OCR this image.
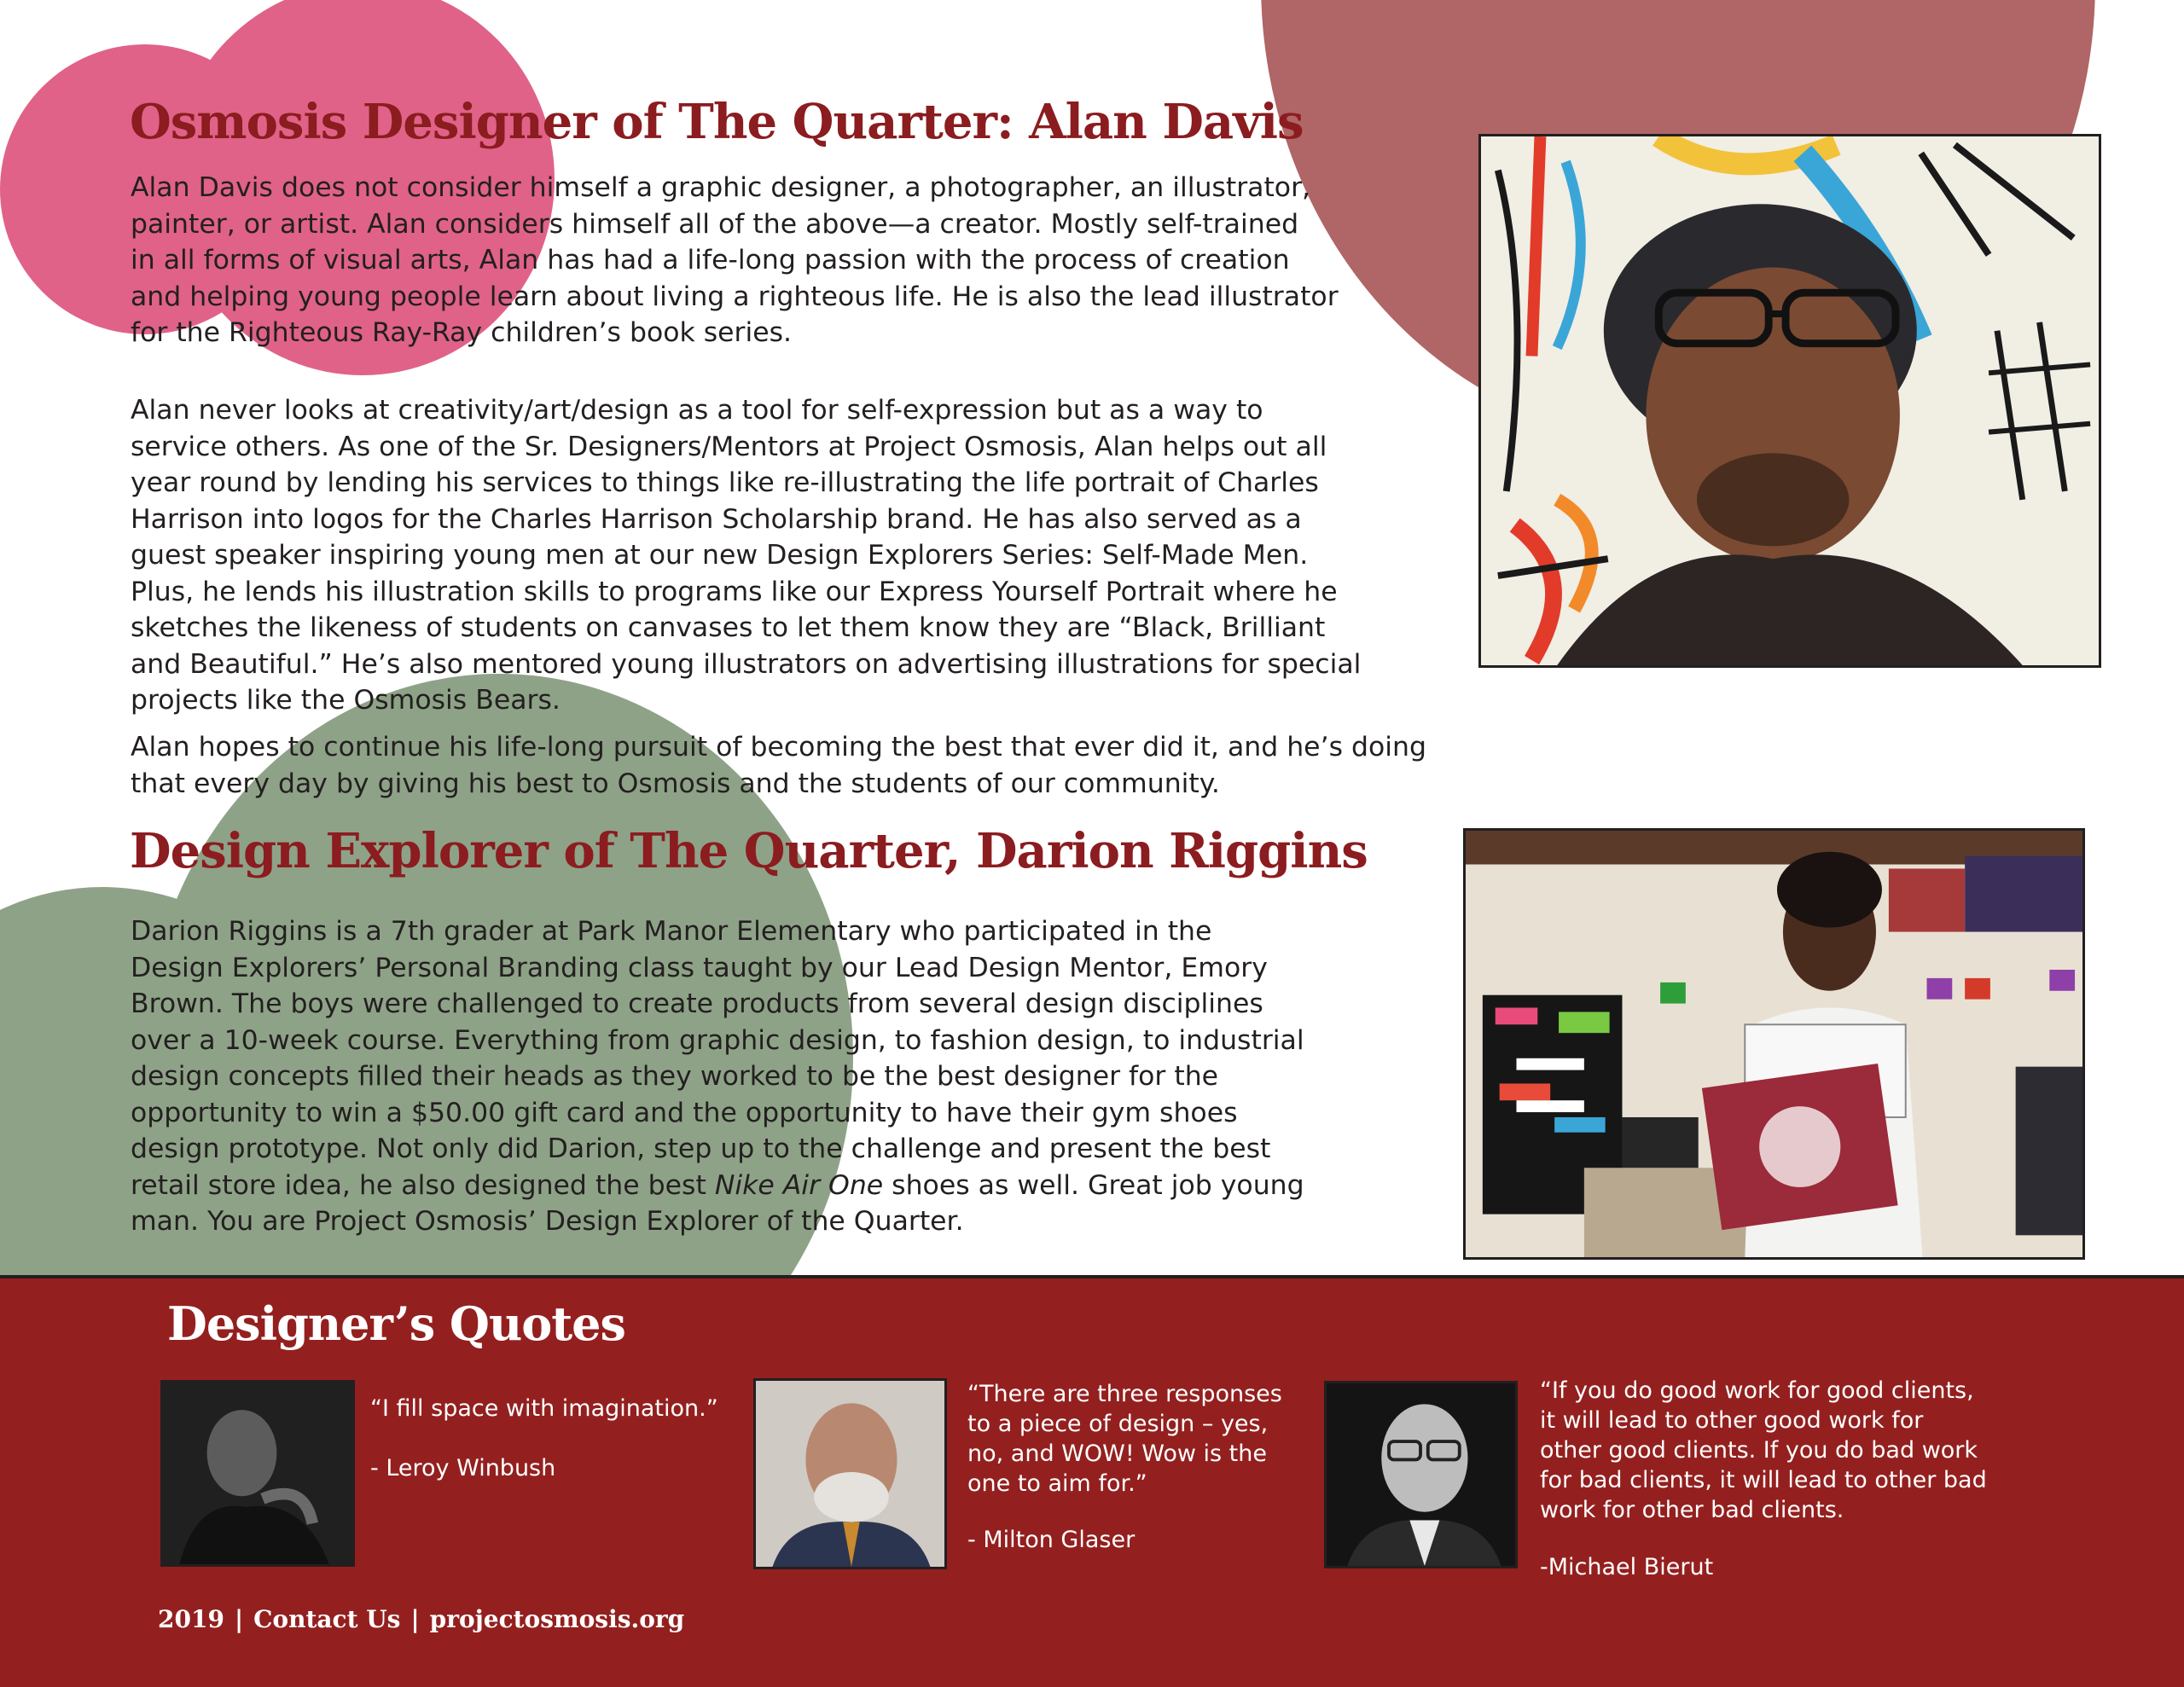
Osmosis Designer of The Quarter: Alan Davis

Alan Davis does not consider himself a graphic designer, a photographer, an illustrator,
painter, or artist. Alan considers himself all of the above—a creator. Mostly self-trained
in all forms of visual arts, Alan has had a life-long passion with the process of creation
and helping young people learn about living a righteous life. He is also the lead illustrator
for the Righteous Ray-Ray children’s book series.

Alan never looks at creativity/art/design as a tool for self-expression but as a way to
service others. As one of the Sr. Designers/Mentors at Project Osmosis, Alan helps out all
year round by lending his services to things like re-illustrating the life portrait of Charles
Harrison into logos for the Charles Harrison Scholarship brand. He has also served as a
guest speaker inspiring young men at our new Design Explorers Series: Self-Made Men.
Plus, he lends his illustration skills to programs like our Express Yourself Portrait where he
sketches the likeness of students on canvases to let them know they are “Black, Brilliant
and Beautiful.” He’s also mentored young illustrators on advertising illustrations for special
projects like the Osmosis Bears.

Alan hopes to continue his life-long pursuit of becoming the best that ever did it, and he’s doing
that every day by giving his best to Osmosis and the students of our community.

Design Explorer of The Quarter, Darion Riggins

Darion Riggins is a 7th grader at Park Manor Elementary who participated in the
Design Explorers’ Personal Branding class taught by our Lead Design Mentor, Emory
Brown. The boys were challenged to create products from several design disciplines
over a 10-week course. Everything from graphic design, to fashion design, to industrial
design concepts filled their heads as they worked to be the best designer for the
opportunity to win a $50.00 gift card and the opportunity to have their gym shoes
design prototype. Not only did Darion, step up to the challenge and present the best
retail store idea, he also designed the best Nike Air One shoes as well. Great job young
man. You are Project Osmosis’ Design Explorer of the Quarter.

Designer’s Quotes

“I fill space with imagination.”

- Leroy Winbush

“There are three responses
to a piece of design – yes,
no, and WOW! Wow is the
one to aim for.”

- Milton Glaser

“If you do good work for good clients,
it will lead to other good work for
other good clients. If you do bad work
for bad clients, it will lead to other bad
work for other bad clients.

-Michael Bierut

2019 | Contact Us | projectosmosis.org
